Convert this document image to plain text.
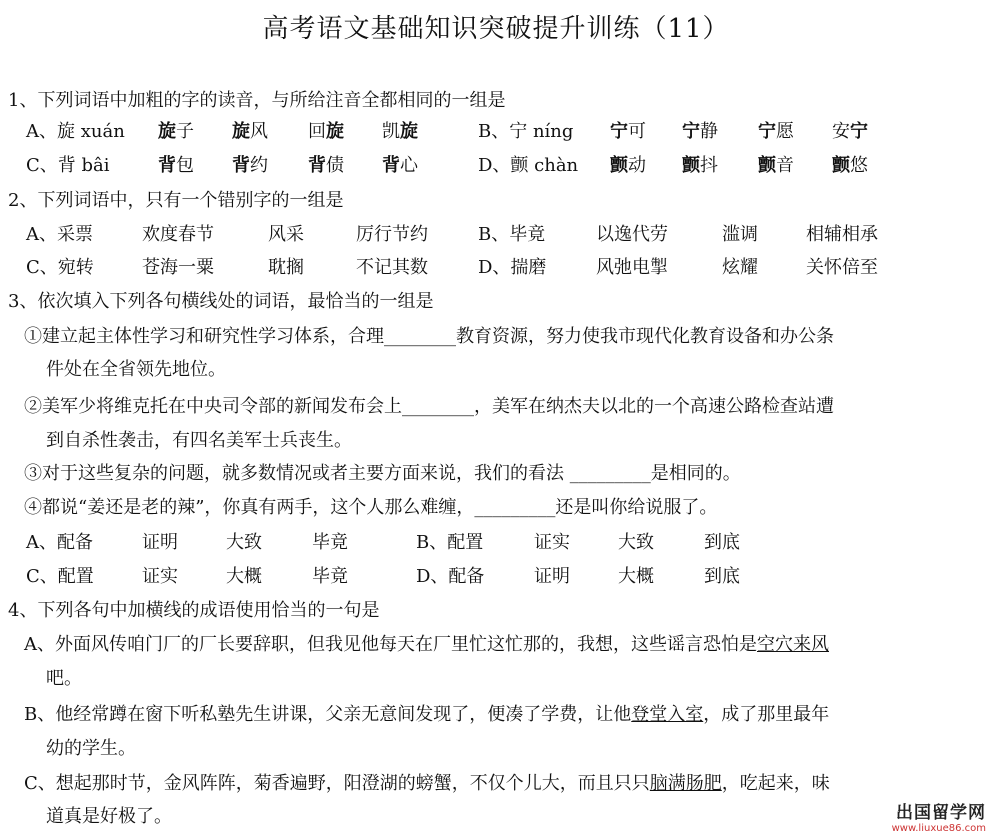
高考语文基础知识突破提升训练（11）
1、下列词语中加粗的字的读音，与所给注音全都相同的一组是
A、旋 xuán 旋子 旋风 回旋 凯旋	B、宁 níng 宁可 宁静 宁愿 安宁
C、背 bâi	背包 背约 背债 背心	D、颤 chàn 颤动 颤抖 颤音 颤悠
2、下列词语中，只有一个错别字的一组是
A、采票	欢度春节	风采	厉行节约	B、毕竟	以逸代劳	滥调	相辅相承
C、宛转	苍海一粟	耽搁	不记其数	D、揣磨	风弛电掣	炫耀	关怀倍至
3、依次填入下列各句横线处的词语，最恰当的一组是
①建立起主体性学习和研究性学习体系，合理________教育资源，努力使我市现代化教育设备和办公条
件处在全省领先地位。
②美军少将维克托在中央司令部的新闻发布会上________，美军在纳杰夫以北的一个高速公路检查站遭
到自杀性袭击，有四名美军士兵丧生。
③对于这些复杂的问题，就多数情况或者主要方面来说，我们的看法 _________是相同的。
④都说“姜还是老的辣”，你真有两手，这个人那么难缠，_________还是叫你给说服了。
A、配备	证明	大致	毕竟	B、配置	证实	大致	到底
C、配置	证实	大概	毕竟	D、配备	证明	大概	到底
4、下列各句中加横线的成语使用恰当的一句是
A、外面风传咱门厂的厂长要辞职，但我见他每天在厂里忙这忙那的，我想，这些谣言恐怕是空穴来风
吧。
B、他经常蹲在窗下听私塾先生讲课，父亲无意间发现了，便凑了学费，让他登堂入室，成了那里最年
幼的学生。
C、想起那时节，金风阵阵，菊香遍野，阳澄湖的螃蟹，不仅个儿大，而且只只脑满肠肥，吃起来，味
道真是好极了。	出国留学网
www.liuxue86.com
